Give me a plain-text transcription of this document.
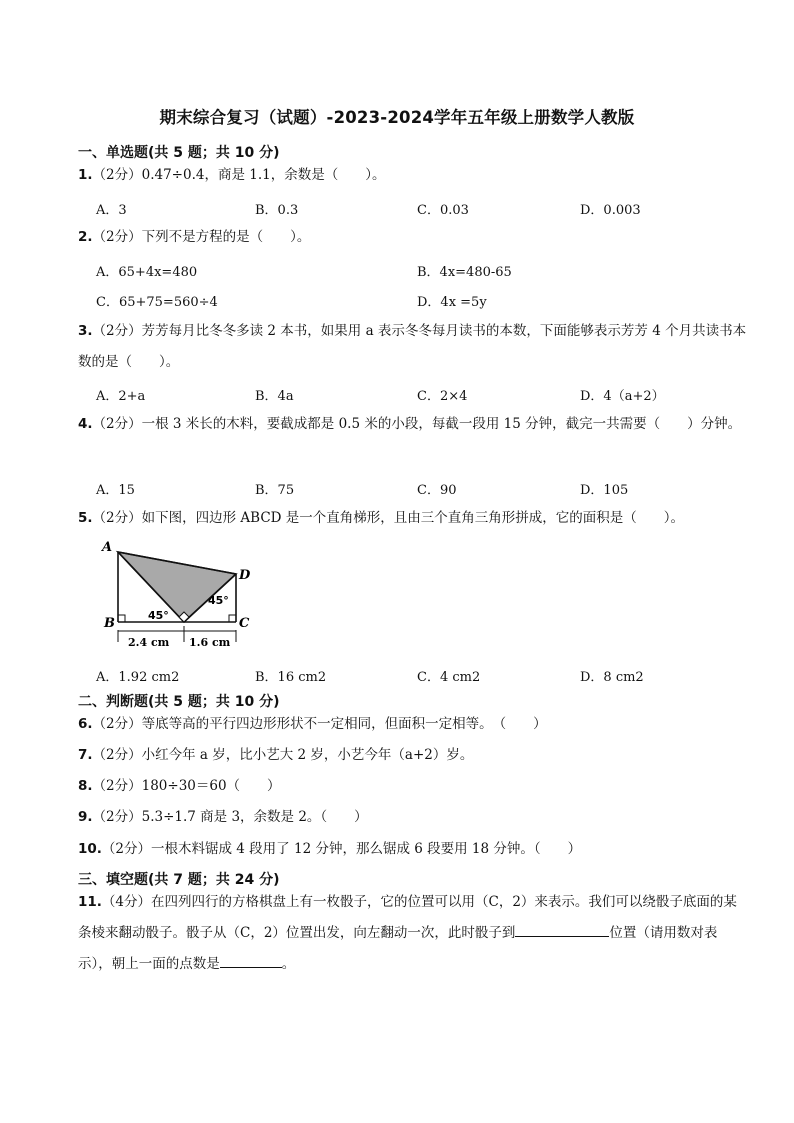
期末综合复习（试题）-2023-2024学年五年级上册数学人教版
一、单选题(共 5 题；共 10 分)
1.（2分）0.47÷0.4，商是 1.1，余数是（　　）。
A．3	B．0.3	C．0.03	D．0.003
2.（2分）下列不是方程的是（　　）。
A．65+4x=480	B．4x=480-65
C．65+75=560÷4	D．4x =5y
3.（2分）芳芳每月比冬冬多读 2 本书，如果用 a 表示冬冬每月读书的本数，下面能够表示芳芳 4 个月共读书本数的是（　　）。
A．2+a	B．4a	C．2×4	D．4（a+2）
4.（2分）一根 3 米长的木料，要截成都是 0.5 米的小段，每截一段用 15 分钟，截完一共需要（　　）分钟。
A．15	B．75	C．90	D．105
5.（2分）如下图，四边形 ABCD 是一个直角梯形，且由三个直角三角形拼成，它的面积是（　　）。
A
B	C
D
45°
45°
2.4 cm 1.6 cm
A．1.92 cm2	B．16 cm2	C．4 cm2	D．8 cm2
二、判断题(共 5 题；共 10 分)
6.（2分）等底等高的平行四边形形状不一定相同，但面积一定相等。　（　　）
7.（2分）小红今年 a 岁，比小艺大 2 岁，小艺今年（a+2）岁。
8.（2分）180÷30＝60（　　）
9.（2分）5.3÷1.7 商是 3，余数是 2。（　　）
10.（2分）一根木料锯成 4 段用了 12 分钟，那么锯成 6 段要用 18 分钟。（　　）
三、填空题(共 7 题；共 24 分)
11.（4分）在四列四行的方格棋盘上有一枚骰子，它的位置可以用（C，2）来表示。我们可以绕骰子底面的某条棱来翻动骰子。骰子从（C，2）位置出发，向左翻动一次，此时骰子到	位置（请用数对表示），朝上一面的点数是	。
